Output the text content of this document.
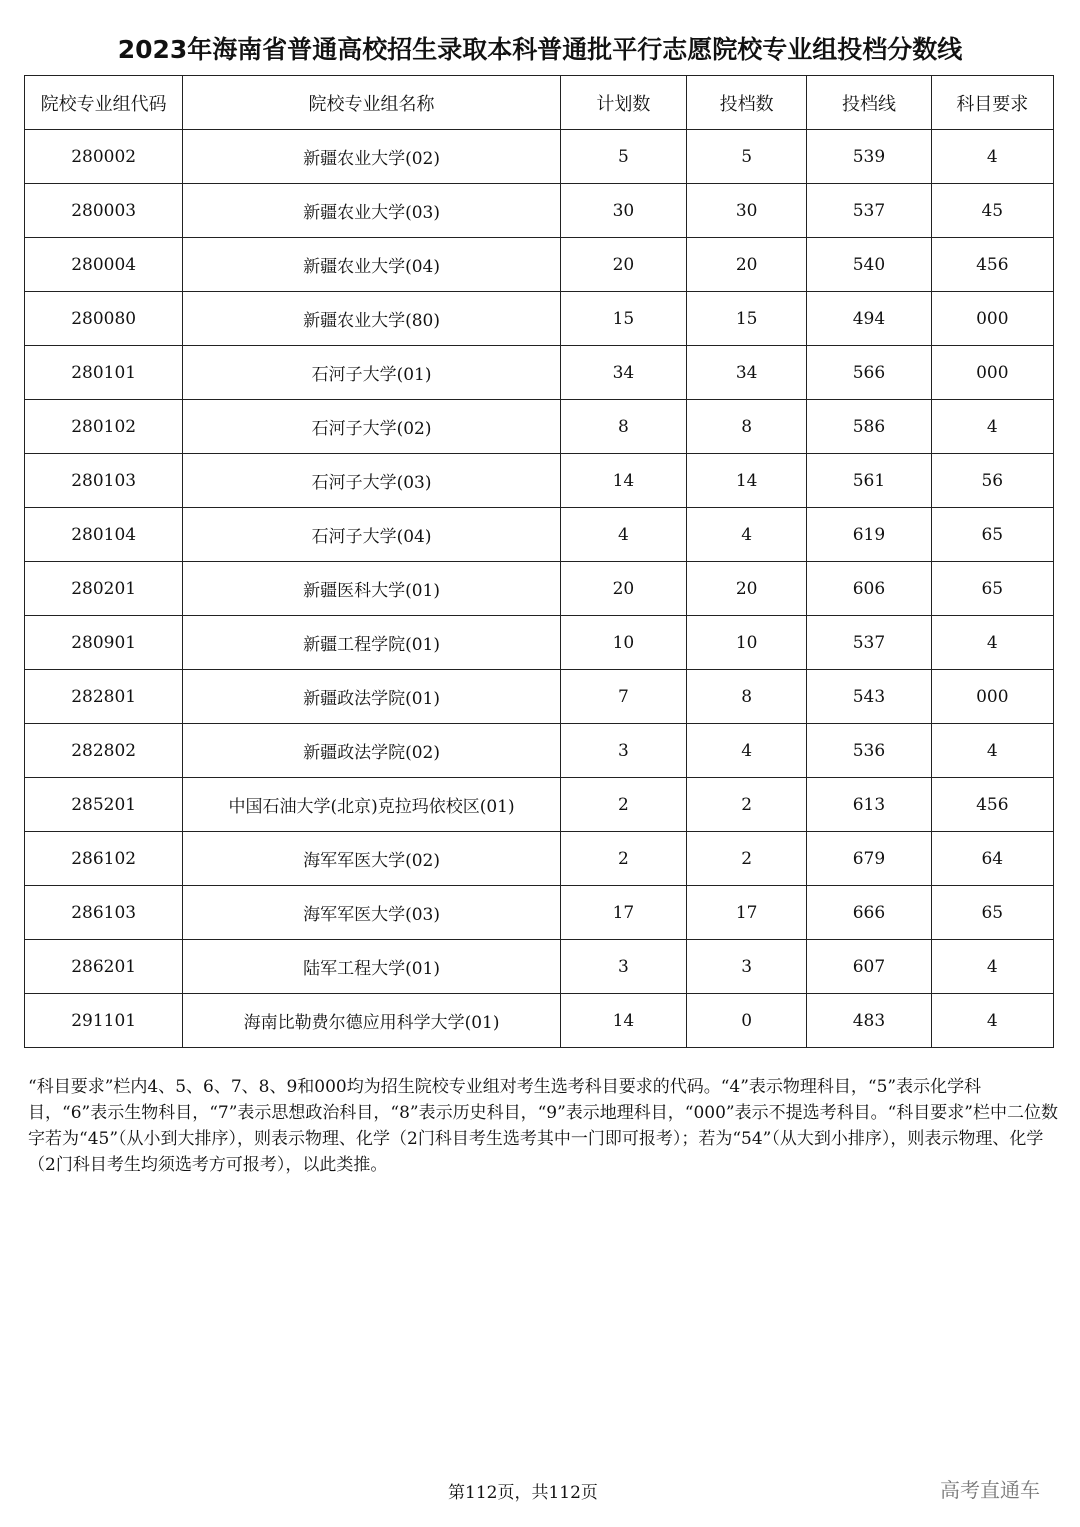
2023年海南省普通高校招生录取本科普通批平行志愿院校专业组投档分数线
院校专业组代码	院校专业组名称	计划数	投档数	投档线	科目要求
280002	新疆农业大学(02)	5	5	539	4
280003	新疆农业大学(03)	30	30	537	45
280004	新疆农业大学(04)	20	20	540	456
280080	新疆农业大学(80)	15	15	494	000
280101	石河子大学(01)	34	34	566	000
280102	石河子大学(02)	8	8	586	4
280103	石河子大学(03)	14	14	561	56
280104	石河子大学(04)	4	4	619	65
280201	新疆医科大学(01)	20	20	606	65
280901	新疆工程学院(01)	10	10	537	4
282801	新疆政法学院(01)	7	8	543	000
282802	新疆政法学院(02)	3	4	536	4
285201	中国石油大学(北京)克拉玛依校区(01)	2	2	613	456
286102	海军军医大学(02)	2	2	679	64
286103	海军军医大学(03)	17	17	666	65
286201	陆军工程大学(01)	3	3	607	4
291101	海南比勒费尔德应用科学大学(01)	14	0	483	4
“科目要求”栏内4、5、6、7、8、9和000均为招生院校专业组对考生选考科目要求的代码。“4”表示物理科目，“5”表示化学科目，“6”表示生物科目，“7”表示思想政治科目，“8”表示历史科目，“9”表示地理科目，“000”表示不提选考科目。“科目要求”栏中二位数字若为“45”（从小到大排序），则表示物理、化学（2门科目考生选考其中一门即可报考）；若为“54”（从大到小排序），则表示物理、化学（2门科目考生均须选考方可报考），以此类推。
第112页，共112页	高考直通车
